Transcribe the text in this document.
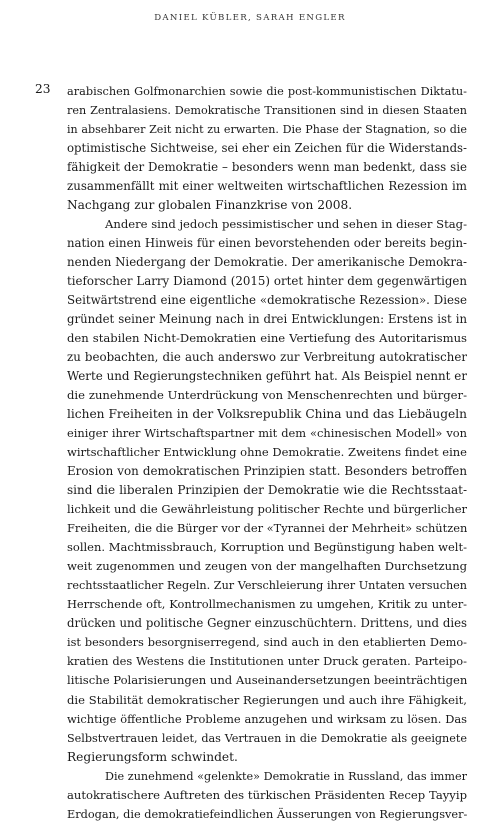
DANIEL KÜBLER, SARAH ENGLER
23 arabischen Golfmonarchien sowie die post-kommunistischen Diktatu-
ren Zentralasiens. Demokratische Transitionen sind in diesen Staaten
in absehbarer Zeit nicht zu erwarten. Die Phase der Stagnation, so die
optimistische Sichtweise, sei eher ein Zeichen für die Widerstands-
fähigkeit der Demokratie – besonders wenn man bedenkt, dass sie
zusammenfällt mit einer weltweiten wirtschaftlichen Rezession im
Nachgang zur globalen Finanzkrise von 2008.
Andere sind jedoch pessimistischer und sehen in dieser Stag-
nation einen Hinweis für einen bevorstehenden oder bereits begin-
nenden Niedergang der Demokratie. Der amerikanische Demokra-
tieforscher Larry Diamond (2015) ortet hinter dem gegenwärtigen
Seitwärtstrend eine eigentliche «demokratische Rezession». Diese
gründet seiner Meinung nach in drei Entwicklungen: Erstens ist in
den stabilen Nicht-Demokratien eine Vertiefung des Autoritarismus
zu beobachten, die auch anderswo zur Verbreitung autokratischer
Werte und Regierungstechniken geführt hat. Als Beispiel nennt er
die zunehmende Unterdrückung von Menschenrechten und bürger-
lichen Freiheiten in der Volksrepublik China und das Liebäugeln
einiger ihrer Wirtschaftspartner mit dem «chinesischen Modell» von
wirtschaftlicher Entwicklung ohne Demokratie. Zweitens findet eine
Erosion von demokratischen Prinzipien statt. Besonders betroffen
sind die liberalen Prinzipien der Demokratie wie die Rechtsstaat-
lichkeit und die Gewährleistung politischer Rechte und bürgerlicher
Freiheiten, die die Bürger vor der «Tyrannei der Mehrheit» schützen
sollen. Machtmissbrauch, Korruption und Begünstigung haben welt-
weit zugenommen und zeugen von der mangelhaften Durchsetzung
rechtsstaatlicher Regeln. Zur Verschleierung ihrer Untaten versuchen
Herrschende oft, Kontrollmechanismen zu umgehen, Kritik zu unter-
drücken und politische Gegner einzuschüchtern. Drittens, und dies
ist besonders besorgniserregend, sind auch in den etablierten Demo-
kratien des Westens die Institutionen unter Druck geraten. Parteipo-
litische Polarisierungen und Auseinandersetzungen beeinträchtigen
die Stabilität demokratischer Regierungen und auch ihre Fähigkeit,
wichtige öffentliche Probleme anzugehen und wirksam zu lösen. Das
Selbstvertrauen leidet, das Vertrauen in die Demokratie als geeignete
Regierungsform schwindet.
Die zunehmend «gelenkte» Demokratie in Russland, das immer
autokratischere Auftreten des türkischen Präsidenten Recep Tayyip
Erdogan, die demokratiefeindlichen Äusserungen von Regierungsver-
